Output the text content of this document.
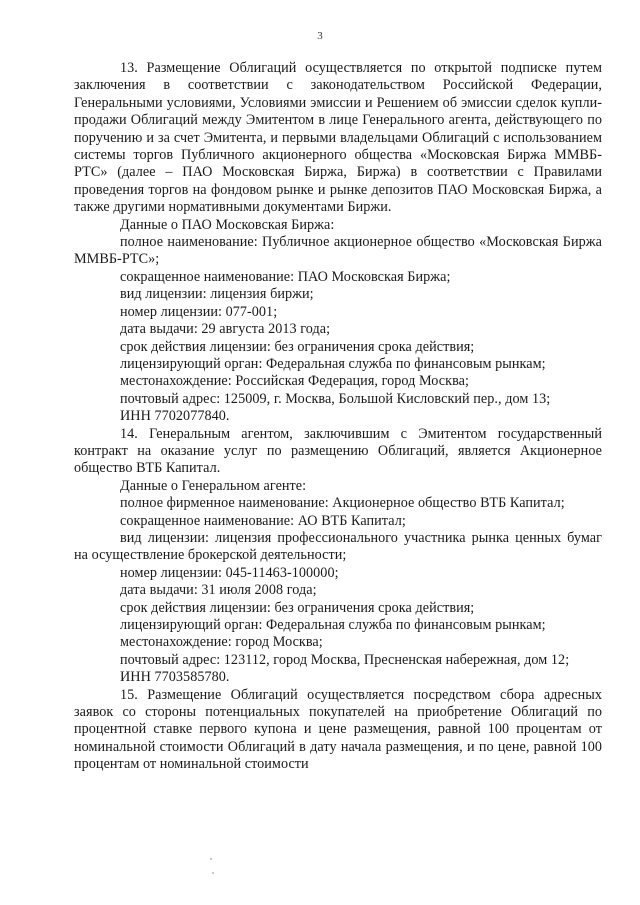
3

13. Размещение Облигаций осуществляется по открытой подписке путем заключения в соответствии с законодательством Российской Федерации, Генеральными условиями, Условиями эмиссии и Решением об эмиссии сделок купли-продажи Облигаций между Эмитентом в лице Генерального агента, действующего по поручению и за счет Эмитента, и первыми владельцами Облигаций с использованием системы торгов Публичного акционерного общества «Московская Биржа ММВБ-РТС» (далее – ПАО Московская Биржа, Биржа) в соответствии с Правилами проведения торгов на фондовом рынке и рынке депозитов ПАО Московская Биржа, а также другими нормативными документами Биржи.

Данные о ПАО Московская Биржа:

полное наименование: Публичное акционерное общество «Московская Биржа ММВБ-РТС»;

сокращенное наименование: ПАО Московская Биржа;

вид лицензии: лицензия биржи;

номер лицензии: 077-001;

дата выдачи: 29 августа 2013 года;

срок действия лицензии: без ограничения срока действия;

лицензирующий орган: Федеральная служба по финансовым рынкам;

местонахождение: Российская Федерация, город Москва;

почтовый адрес: 125009, г. Москва, Большой Кисловский пер., дом 13;

ИНН 7702077840.

14. Генеральным агентом, заключившим с Эмитентом государственный контракт на оказание услуг по размещению Облигаций, является Акционерное общество ВТБ Капитал.

Данные о Генеральном агенте:

полное фирменное наименование: Акционерное общество ВТБ Капитал;

сокращенное наименование: АО ВТБ Капитал;

вид лицензии: лицензия профессионального участника рынка ценных бумаг на осуществление брокерской деятельности;

номер лицензии: 045-11463-100000;

дата выдачи: 31 июля 2008 года;

срок действия лицензии: без ограничения срока действия;

лицензирующий орган: Федеральная служба по финансовым рынкам;

местонахождение: город Москва;

почтовый адрес: 123112, город Москва, Пресненская набережная, дом 12;

ИНН 7703585780.

15. Размещение Облигаций осуществляется посредством сбора адресных заявок со стороны потенциальных покупателей на приобретение Облигаций по процентной ставке первого купона и цене размещения, равной 100 процентам от номинальной стоимости Облигаций в дату начала размещения, и по цене, равной 100 процентам от номинальной стоимости
